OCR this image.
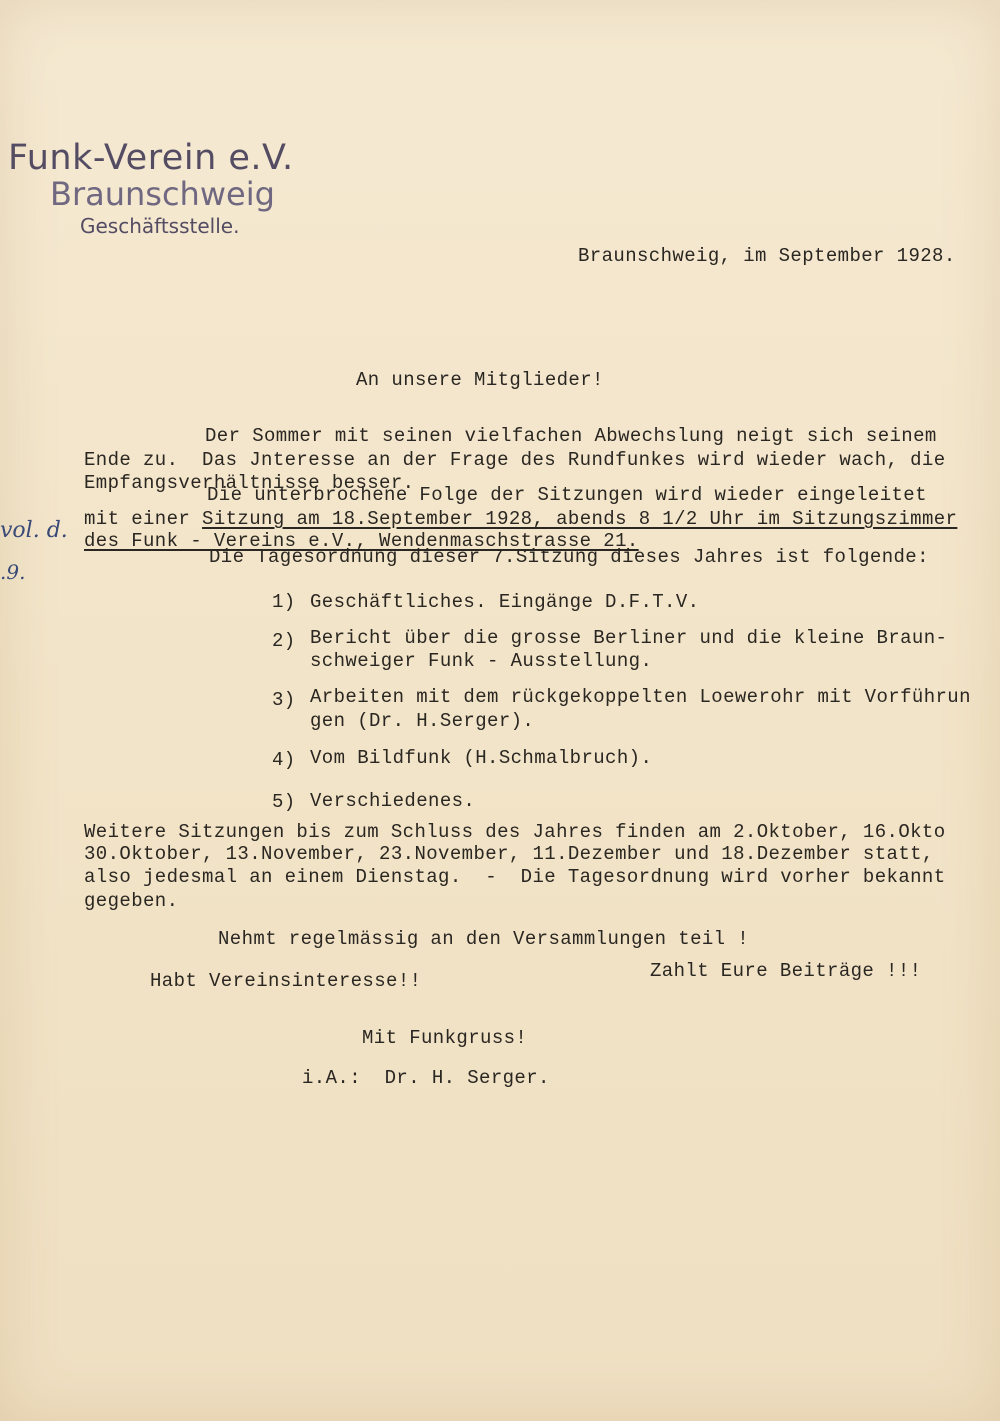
Funk-Verein e.V.
Braunschweig
Geschäftsstelle.
Braunschweig, im September 1928.
An unsere Mitglieder!
Der Sommer mit seinen vielfachen Abwechslung neigt sich seinem
Ende zu.  Das Jnteresse an der Frage des Rundfunkes wird wieder wach, die
Empfangsverhältnisse besser.
Die unterbrochene Folge der Sitzungen wird wieder eingeleitet
mit einer Sitzung am 18.September 1928, abends 8 1/2 Uhr im Sitzungszimmer
des Funk - Vereins e.V., Wendenmaschstrasse 21.
Die Tagesordnung dieser 7.Sitzung dieses Jahres ist folgende:
vol. d.
.9.
1) Geschäftliches. Eingänge D.F.T.V.
2) Bericht über die grosse Berliner und die kleine Braun-
schweiger Funk - Ausstellung.
3) Arbeiten mit dem rückgekoppelten Loewerohr mit Vorführun
gen (Dr. H.Serger).
4) Vom Bildfunk (H.Schmalbruch).
5) Verschiedenes.
Weitere Sitzungen bis zum Schluss des Jahres finden am 2.Oktober, 16.Okto
30.Oktober, 13.November, 23.November, 11.Dezember und 18.Dezember statt,
also jedesmal an einem Dienstag.  -  Die Tagesordnung wird vorher bekannt
gegeben.
Nehmt regelmässig an den Versammlungen teil !
Habt Vereinsinteresse!!	Zahlt Eure Beiträge !!!
Mit Funkgruss!
i.A.:  Dr. H. Serger.
